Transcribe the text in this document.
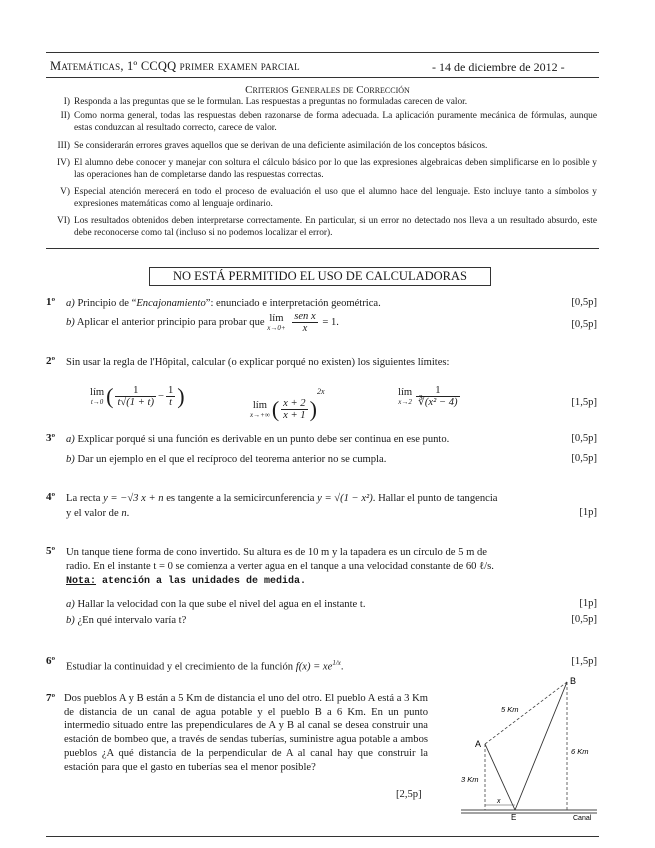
Matemáticas, 1º CCQQ primer examen parcial	- 14 de diciembre de 2012 -
Criterios Generales de Corrección
I) Responda a las preguntas que se le formulan. Las respuestas a preguntas no formuladas carecen de valor.
II) Como norma general, todas las respuestas deben razonarse de forma adecuada. La aplicación puramente mecánica de fórmulas, aunque estas conduzcan al resultado correcto, carece de valor.
III) Se considerarán errores graves aquellos que se derivan de una deficiente asimilación de los conceptos básicos.
IV) El alumno debe conocer y manejar con soltura el cálculo básico por lo que las expresiones algebraicas deben simplificarse en lo posible y las operaciones han de completarse dando las respuestas correctas.
V) Especial atención merecerá en todo el proceso de evaluación el uso que el alumno hace del lenguaje. Esto incluye tanto a símbolos y expresiones matemáticas como al lenguaje ordinario.
VI) Los resultados obtenidos deben interpretarse correctamente. En particular, si un error no detectado nos lleva a un resultado absurdo, este debe reconocerse como tal (incluso si no podemos localizar el error).
NO ESTÁ PERMITIDO EL USO DE CALCULADORAS
1º a) Principio de “Encajonamiento”: enunciado e interpretación geométrica.	[0,5p]
b) Aplicar el anterior principio para probar que lím
x→0+
$\frac{\text{sen x}}{x} = 1$.	[0,5p]
2º Sin usar la regla de l'Hôpital, calcular (o explicar porqué no existen) los siguientes límites:
lím
t→0 ( $\frac{1}{t√(1 + t)} - \frac{1}{t}$ )	lím
x→+∞ ( $\frac{x + 2}{x + 1} )^{2x}$	lím
$x\to 2 \frac{1}{\text{∛(x² − 4)}}$	[1,5p]
3º a) Explicar porqué si una función es derivable en un punto debe ser continua en ese punto.	[0,5p]
b) Dar un ejemplo en el que el recíproco del teorema anterior no se cumpla.	[0,5p]
4º La recta y = −√3 x + n es tangente a la semicircunferencia y = √(1 − x²). Hallar el punto de tangencia
y el valor de n.	[1p]
5º Un tanque tiene forma de cono invertido. Su altura es de 10 m y la tapadera es un círculo de 5 m de
radio. En el instante t = 0 se comienza a verter agua en el tanque a una velocidad constante de 60 ℓ/s.
Nota: atención a las unidades de medida.
a) Hallar la velocidad con la que sube el nivel del agua en el instante t.	[1p]
b) ¿En qué intervalo varía t?	[0,5p]
6º
Estudiar la continuidad y el crecimiento de la función $f(x) = xe^{1/x}$.
[1,5p]
7º Dos pueblos A y B están a 5 Km de distancia el uno del otro. El pueblo A está a 3 Km de distancia de un canal de agua potable y el pueblo B a 6 Km. En un punto intermedio situado entre las prependiculares de A y B al canal se desea construir una estación de bombeo que, a través de sendas tuberías, suministre agua potable a ambos pueblos ¿A qué distancia de la perpendicular de A al canal hay que construir la estación para que el gasto en tuberías sea el menor posible?
[2,5p]
A
B
E
5 Km
3 Km
6 Km
x
Canal
